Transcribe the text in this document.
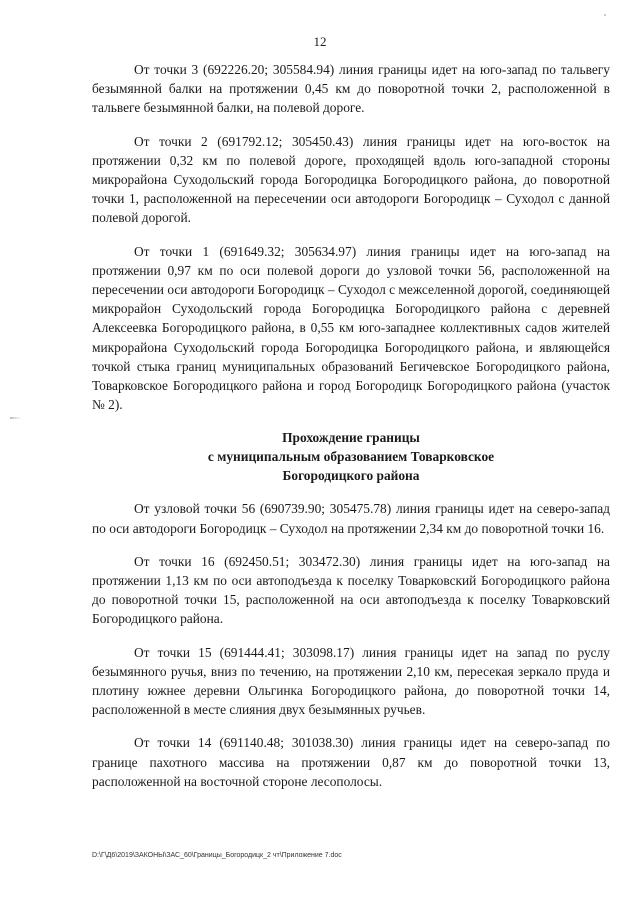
12

От точки 3 (692226.20; 305584.94) линия границы идет на юго-запад по тальвегу безымянной балки на протяжении 0,45 км до поворотной точки 2, расположенной в тальвеге безымянной балки, на полевой дороге.

От точки 2 (691792.12; 305450.43) линия границы идет на юго-восток на протяжении 0,32 км по полевой дороге, проходящей вдоль юго-западной стороны микрорайона Суходольский города Богородицка Богородицкого района, до поворотной точки 1, расположенной на пересечении оси автодороги Богородицк – Суходол с данной полевой дорогой.

От точки 1 (691649.32; 305634.97) линия границы идет на юго-запад на протяжении 0,97 км по оси полевой дороги до узловой точки 56, расположенной на пересечении оси автодороги Богородицк – Суходол с межселенной дорогой, соединяющей микрорайон Суходольский города Богородицка Богородицкого района с деревней Алексеевка Богородицкого района, в 0,55 км юго-западнее коллективных садов жителей микрорайона Суходольский города Богородицка Богородицкого района, и являющейся точкой стыка границ муниципальных образований Бегичевское Богородицкого района, Товарковское Богородицкого района и город Богородицк Богородицкого района (участок № 2).

Прохождение границы
с муниципальным образованием Товарковское
Богородицкого района

От узловой точки 56 (690739.90; 305475.78) линия границы идет на северо-запад по оси автодороги Богородицк – Суходол на протяжении 2,34 км до поворотной точки 16.

От точки 16 (692450.51; 303472.30) линия границы идет на юго-запад на протяжении 1,13 км по оси автоподъезда к поселку Товарковский Богородицкого района до поворотной точки 15, расположенной на оси автоподъезда к поселку Товарковский Богородицкого района.

От точки 15 (691444.41; 303098.17) линия границы идет на запад по руслу безымянного ручья, вниз по течению, на протяжении 2,10 км, пересекая зеркало пруда и плотину южнее деревни Ольгинка Богородицкого района, до поворотной точки 14, расположенной в месте слияния двух безымянных ручьев.

От точки 14 (691140.48; 301038.30) линия границы идет на северо-запад по границе пахотного массива на протяжении 0,87 км до поворотной точки 13, расположенной на восточной стороне лесополосы.

D:\Г\Д6\2019\ЗАКОНЫ\ЗАС_60\Границы_Богородицк_2 чт\Приложение 7.doc
